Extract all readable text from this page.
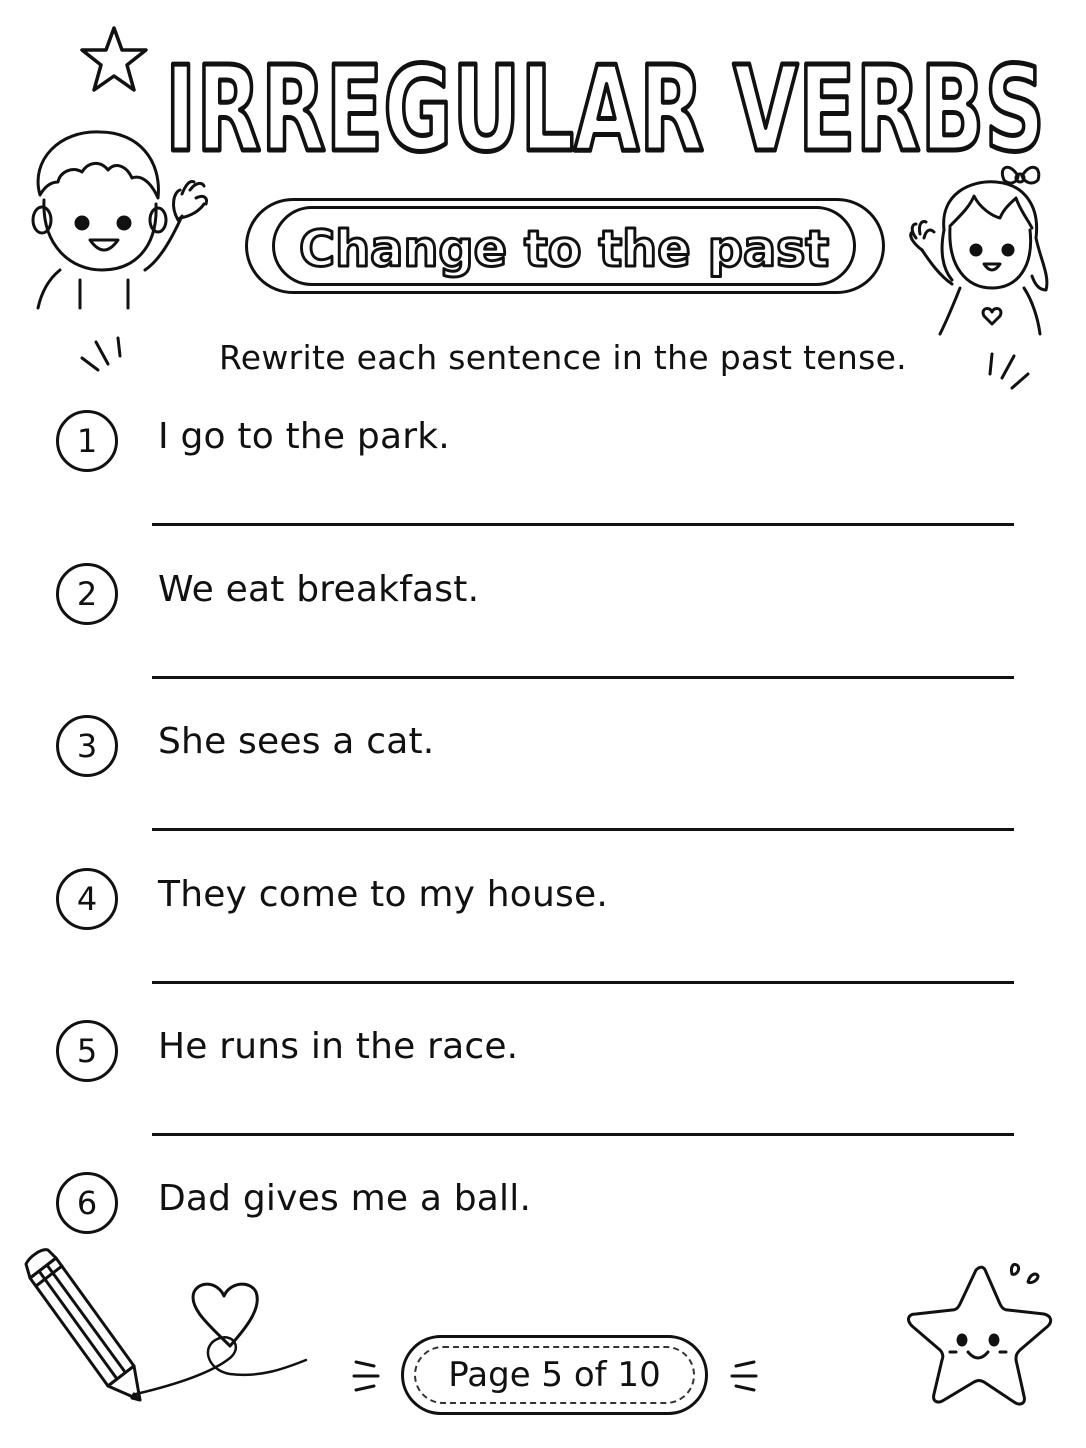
IRREGULAR VERBS
Change to the past
Rewrite each sentence in the past tense.
1	I go to the park.
2	We eat breakfast.
3	She sees a cat.
4	They come to my house.
5	He runs in the race.
6	Dad gives me a ball.
Page 5 of 10
